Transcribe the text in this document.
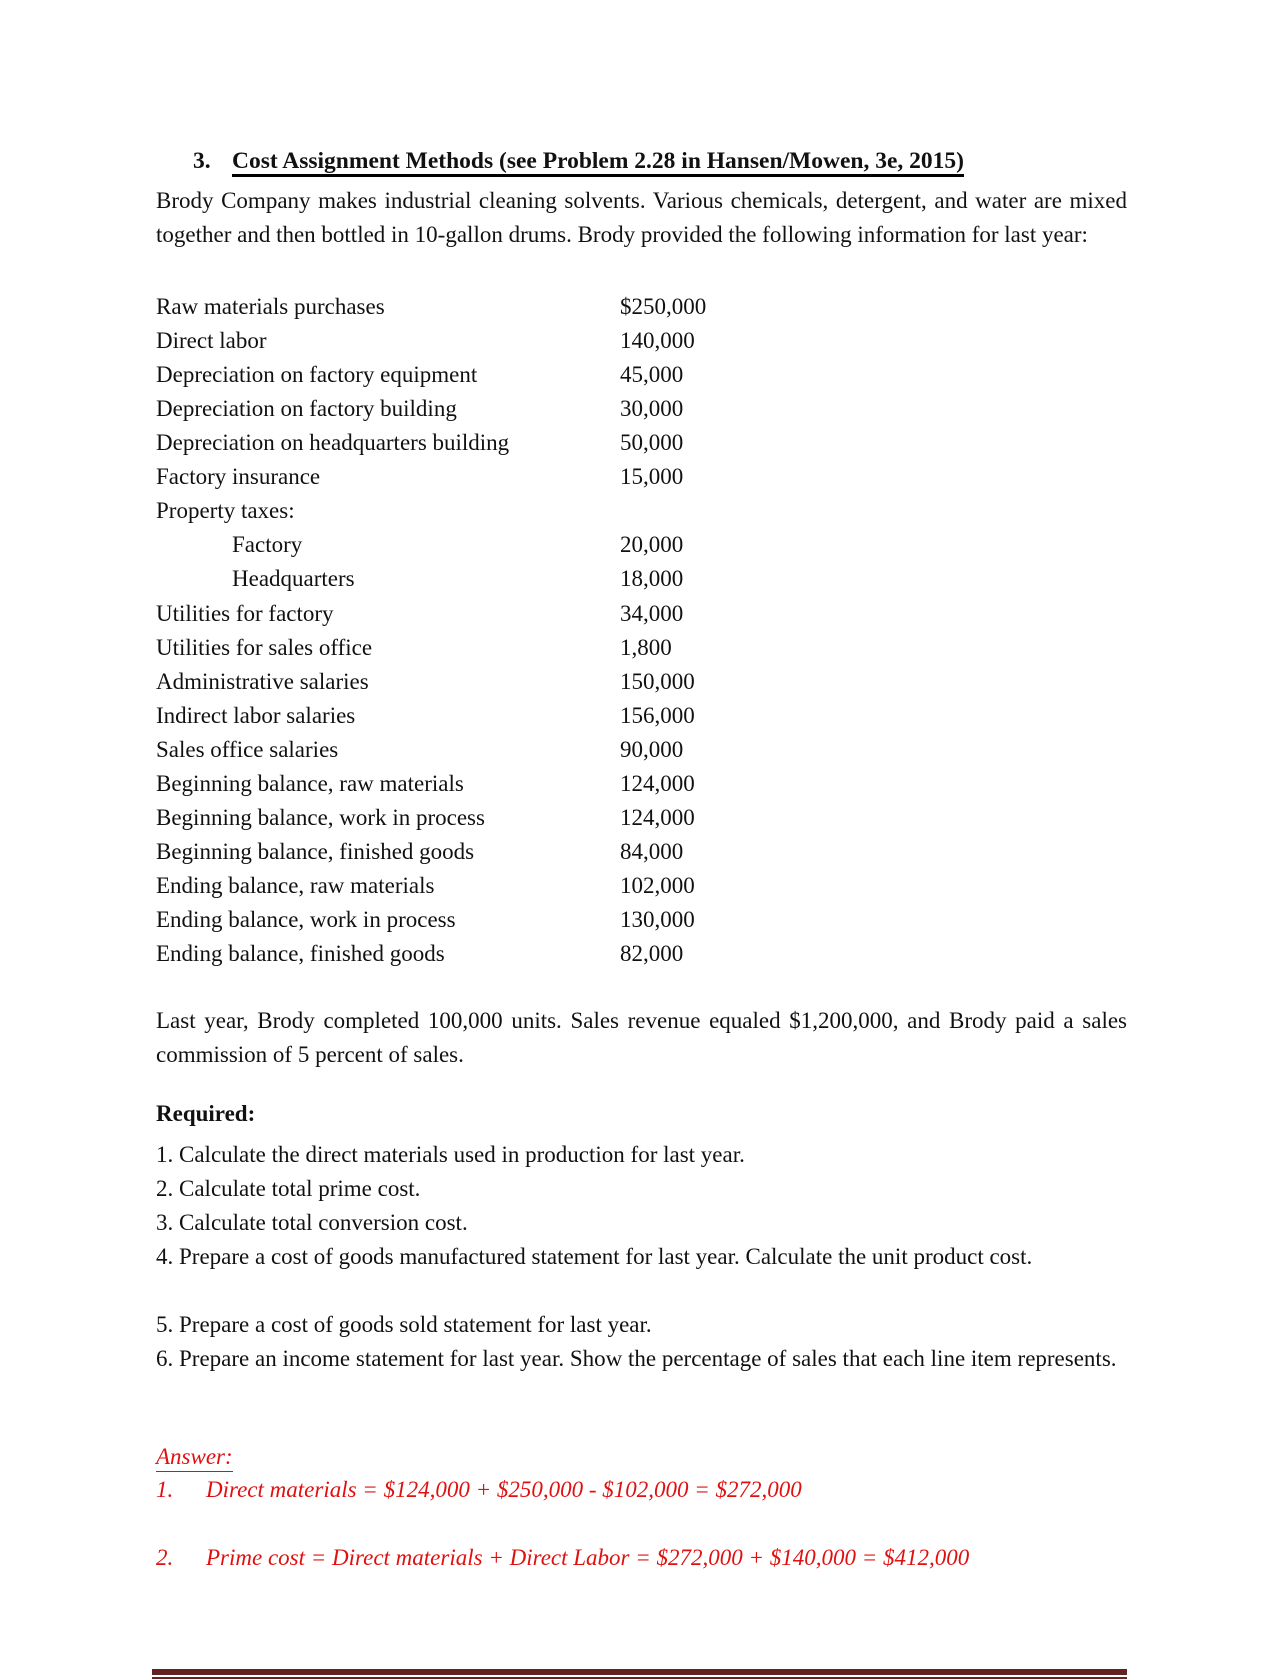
3. Cost Assignment Methods (see Problem 2.28 in Hansen/Mowen, 3e, 2015)
Brody Company makes industrial cleaning solvents. Various chemicals, detergent, and water are mixed together and then bottled in 10-gallon drums. Brody provided the following information for last year:
Raw materials purchases	$250,000
Direct labor	140,000
Depreciation on factory equipment	45,000
Depreciation on factory building	30,000
Depreciation on headquarters building	50,000
Factory insurance	15,000
Property taxes:
Factory	20,000
Headquarters	18,000
Utilities for factory	34,000
Utilities for sales office	1,800
Administrative salaries	150,000
Indirect labor salaries	156,000
Sales office salaries	90,000
Beginning balance, raw materials	124,000
Beginning balance, work in process	124,000
Beginning balance, finished goods	84,000
Ending balance, raw materials	102,000
Ending balance, work in process	130,000
Ending balance, finished goods	82,000
Last year, Brody completed 100,000 units. Sales revenue equaled $1,200,000, and Brody paid a sales commission of 5 percent of sales.
Required:
1. Calculate the direct materials used in production for last year.
2. Calculate total prime cost.
3. Calculate total conversion cost.
4. Prepare a cost of goods manufactured statement for last year. Calculate the unit product cost.
5. Prepare a cost of goods sold statement for last year.
6. Prepare an income statement for last year. Show the percentage of sales that each line item represents.
Answer:
1. Direct materials = $124,000 + $250,000 - $102,000 = $272,000
2. Prime cost = Direct materials + Direct Labor = $272,000 + $140,000 = $412,000
